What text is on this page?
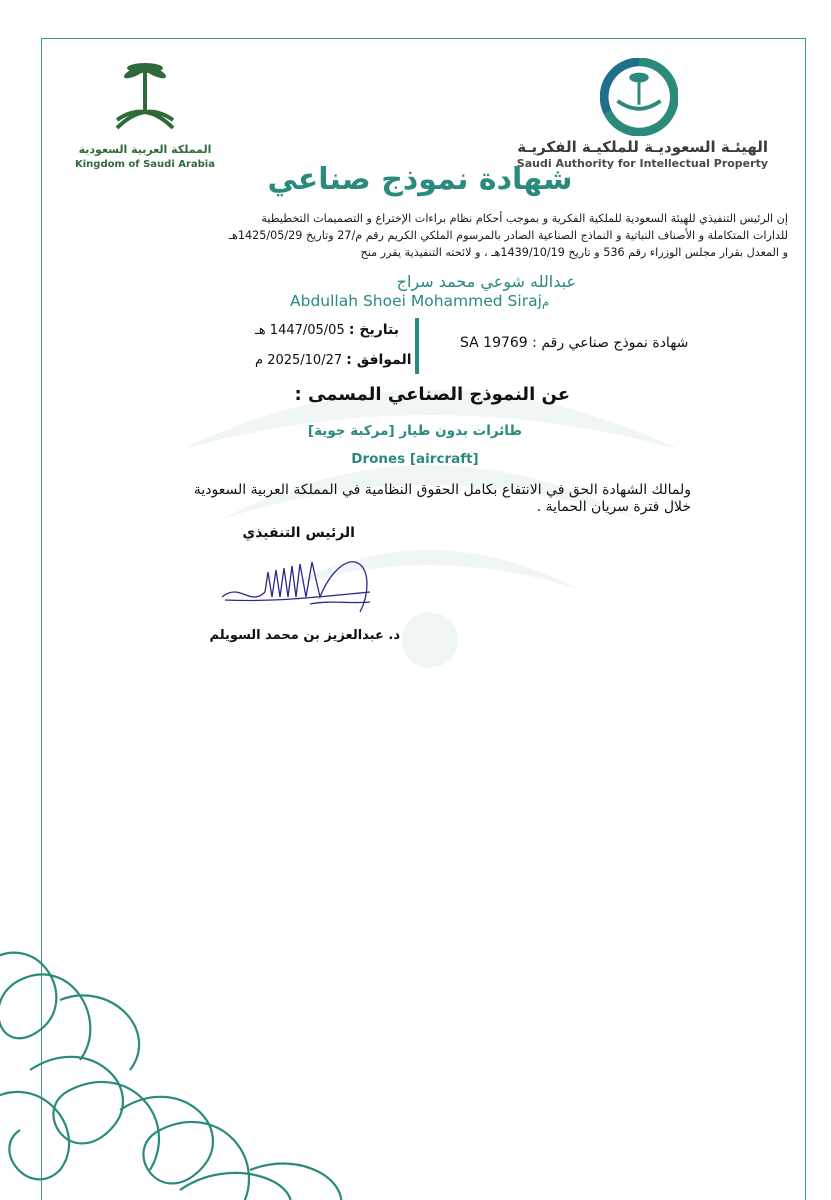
الهيئـة السعوديـة للملكيـة الفكريـة
Saudi Authority for Intellectual Property
المملكة العربية السعودية
Kingdom of Saudi Arabia	شهادة نموذج صناعي
إن الرئيس التنفيذي للهيئة السعودية للملكية الفكرية و بموجب أحكام نظام براءات الإختراع و التصميمات التخطيطية
للدارات المتكاملة و الأصناف النباتية و النماذج الصناعية الصادر بالمرسوم الملكي الكريم رقم م/27 وتاريخ 1425/05/29هـ
و المعدل بقرار مجلس الوزراء رقم 536 و تاريخ 1439/10/19هـ ، و لائحته التنفيذية يقرر منح
عبدالله شوعي محمد سراج
Abdullah Shoei Mohammed Sirajم
بتاريخ : 1447/05/05 هـ
الموافق : 2025/10/27 م
شهادة نموذج صناعي رقم : SA 19769
عن النموذج الصناعي المسمى :
طائرات بدون طيار [مركبة جوية]
Drones [aircraft]
ولمالك الشهادة الحق في الانتفاع بكامل الحقوق النظامية في المملكة العربية السعودية
خلال فترة سريان الحماية .
الرئيس التنفيذي
د. عبدالعزيز بن محمد السويلم
